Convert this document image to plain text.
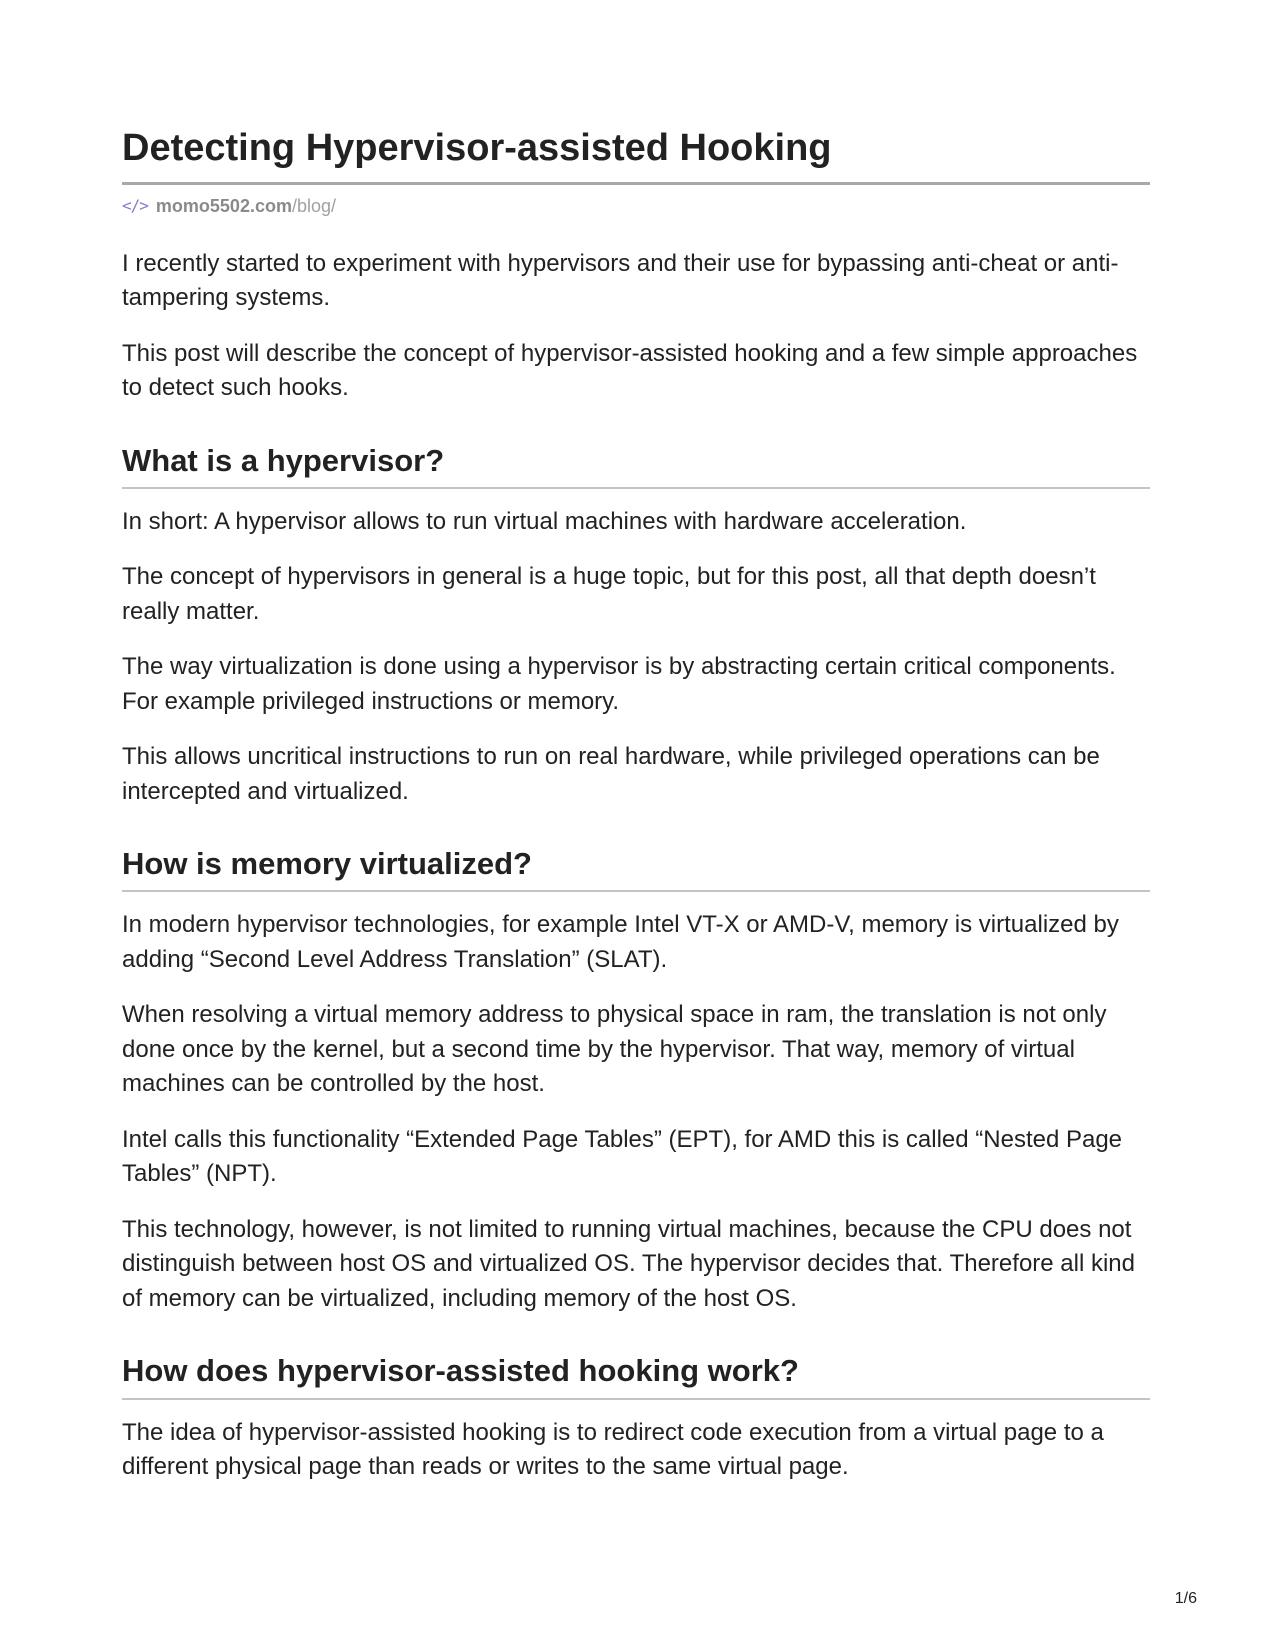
Detecting Hypervisor-assisted Hooking
</> momo5502.com/blog/

I recently started to experiment with hypervisors and their use for bypassing anti-cheat or anti-tampering systems.

This post will describe the concept of hypervisor-assisted hooking and a few simple approaches to detect such hooks.

What is a hypervisor?

In short: A hypervisor allows to run virtual machines with hardware acceleration.

The concept of hypervisors in general is a huge topic, but for this post, all that depth doesn’t really matter.

The way virtualization is done using a hypervisor is by abstracting certain critical components. For example privileged instructions or memory.

This allows uncritical instructions to run on real hardware, while privileged operations can be intercepted and virtualized.

How is memory virtualized?

In modern hypervisor technologies, for example Intel VT-X or AMD-V, memory is virtualized by adding “Second Level Address Translation” (SLAT).

When resolving a virtual memory address to physical space in ram, the translation is not only done once by the kernel, but a second time by the hypervisor. That way, memory of virtual machines can be controlled by the host.

Intel calls this functionality “Extended Page Tables” (EPT), for AMD this is called “Nested Page Tables” (NPT).

This technology, however, is not limited to running virtual machines, because the CPU does not distinguish between host OS and virtualized OS. The hypervisor decides that. Therefore all kind of memory can be virtualized, including memory of the host OS.

How does hypervisor-assisted hooking work?

The idea of hypervisor-assisted hooking is to redirect code execution from a virtual page to a different physical page than reads or writes to the same virtual page.

1/6
